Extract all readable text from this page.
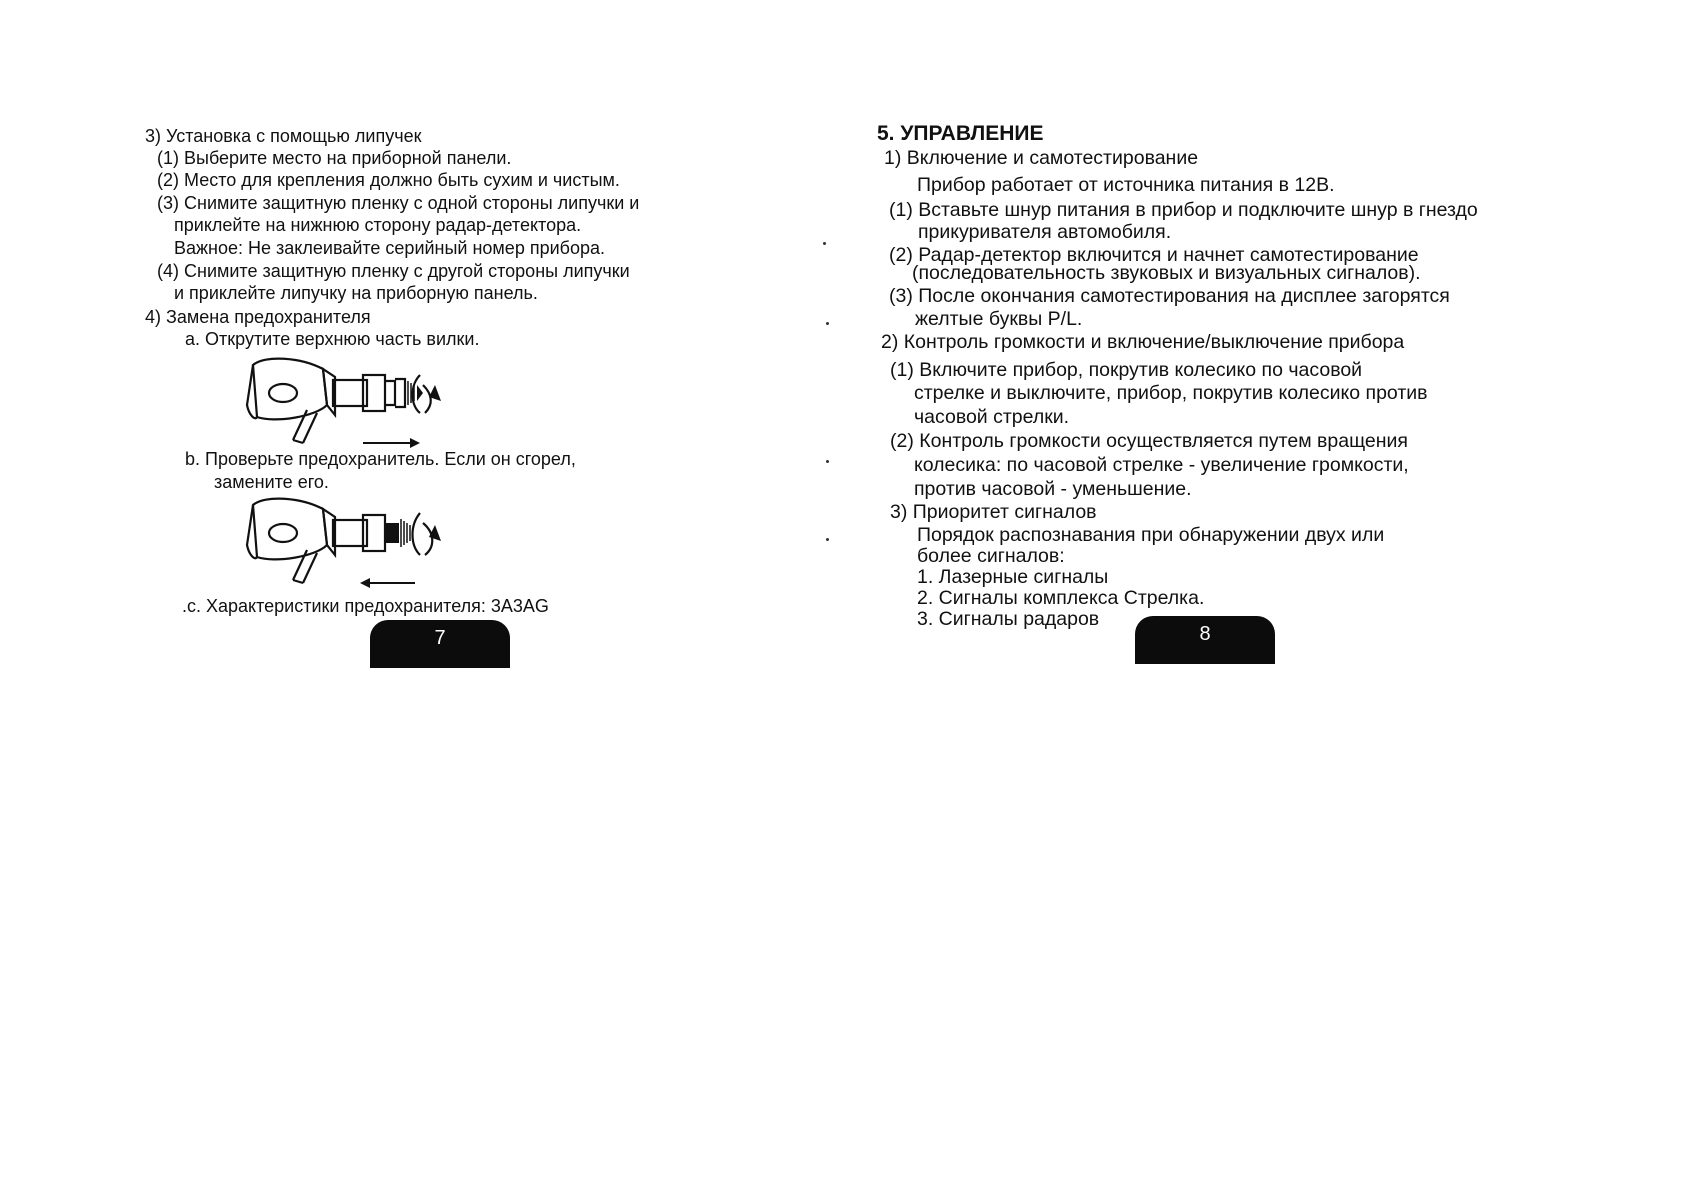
3) Установка с помощью липучек
(1) Выберите место на приборной панели.
(2) Место для крепления должно быть сухим и чистым.
(3) Снимите защитную пленку с одной стороны липучки и
приклейте на нижнюю сторону радар-детектора.
Важное: Не заклеивайте серийный номер прибора.
(4) Снимите защитную пленку с другой стороны липучки
и приклейте липучку на приборную панель.
4) Замена предохранителя
a. Открутите верхнюю часть вилки.
b. Проверьте предохранитель. Если он сгорел,
замените его.
.с. Характеристики предохранителя: 3A3AG
7
5. УПРАВЛЕНИЕ
1) Включение и самотестирование
Прибор работает от источника питания в 12В.
(1) Вставьте шнур питания в прибор и подключите шнур в гнездо
прикуривателя автомобиля.
(2) Радар-детектор включится и начнет самотестирование
(последовательность звуковых и визуальных сигналов).
(3) После окончания самотестирования на дисплее загорятся
желтые буквы P/L.
2) Контроль громкости и включение/выключение прибора
(1) Включите прибор, покрутив колесико по часовой
стрелке и выключите, прибор, покрутив колесико против
часовой стрелки.
(2) Контроль громкости осуществляется путем вращения
колесика: по часовой стрелке - увеличение громкости,
против часовой - уменьшение.
3) Приоритет сигналов
Порядок распознавания при обнаружении двух или
более сигналов:
1. Лазерные сигналы
2. Сигналы комплекса Стрелка.
3. Сигналы радаров
8
